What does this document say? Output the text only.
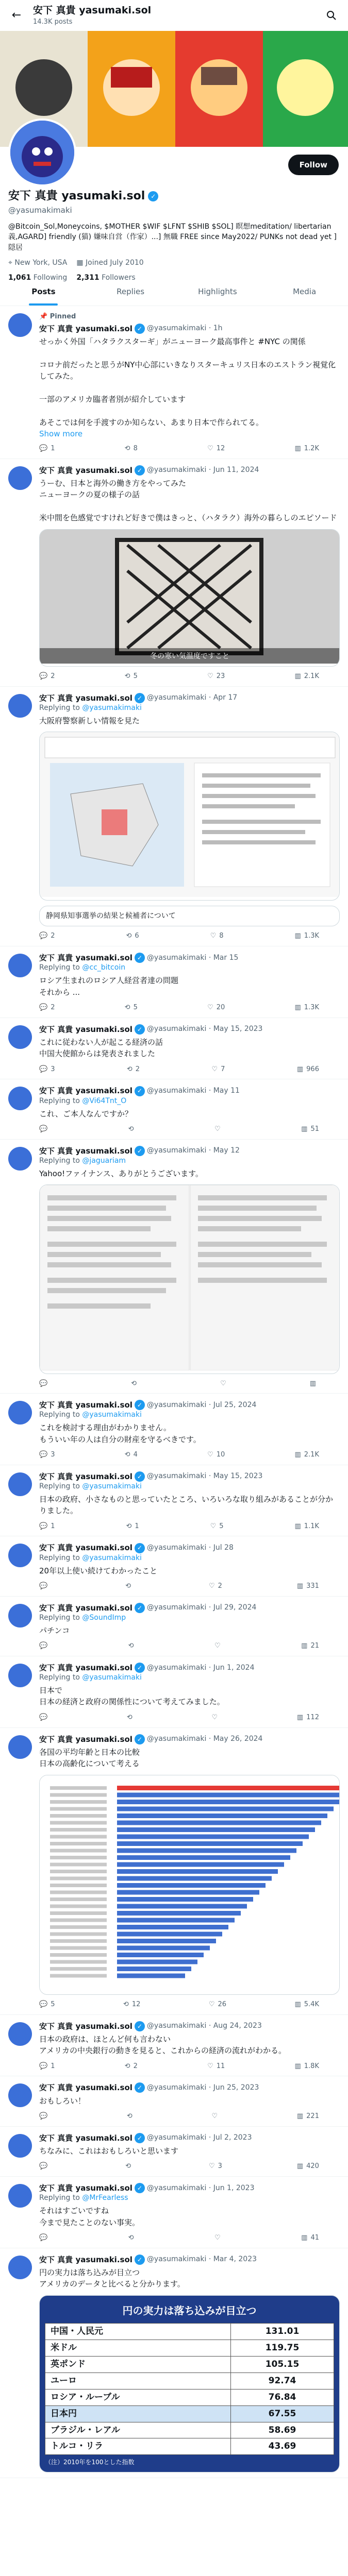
←	安下 真貴 yasumaki.sol
14.3K posts
Follow
安下 真貴 yasumaki.sol ✓
@yasumakimaki
@Bitcoin_Sol,Moneycoins, $MOTHER $WIF $LFNT $SHIB $SOL] 瞑想meditation/ libertarian義,AGARD] friendly (猫) 嫌味自営（作家）...] 無職 FREE since May2022/ PUNKs not dead yet ] 隠居
⌖ New York, USA ▦ Joined July 2010
1,061 Following 2,311 Followers
Posts	Replies	Highlights	Media
📌 Pinned
安下 真貴 yasumaki.sol ✓ @yasumakimaki · 1h
せっかく外国「ハタラクスターギ」がニューヨーク最高事件と #NYC の関係

コロナ前だったと思うがNY中心部にいきなりスターキュリス日本のエストラン視覚化してみた。

一部のアメリカ臨者者別が紹介しています

あそこでは何を手渡すのか知らない、あまり日本で作られてる。
Show more
💬 1	⟲ 8	♡ 12	▥ 1.2K
安下 真貴 yasumaki.sol ✓ @yasumakimaki · Jun 11, 2024
うーむ、日本と海外の働き方をやってみた
ニューヨークの夏の様子の話

米中間を色感覚ですけれど好きで僕はきっと、（ハタラク）海外の暮らしのエピソード
冬の寒い気温度ですこと
💬 2	⟲ 5	♡ 23	▥ 2.1K
安下 真貴 yasumaki.sol ✓ @yasumakimaki · Apr 17
Replying to @yasumakimaki
大阪府警察新しい情報を見た
静岡県知事選挙の結果と候補者について
💬 2	⟲ 6	♡ 8	▥ 1.3K
安下 真貴 yasumaki.sol ✓ @yasumakimaki · Mar 15
Replying to @cc_bitcoin
ロシア生まれのロシア人経営者達の問題
それから ...
💬 2	⟲ 5	♡ 20	▥ 1.3K
安下 真貴 yasumaki.sol ✓ @yasumakimaki · May 15, 2023
これに従わない人が起こる経済の話
中国大使館からは発表されました
💬 3	⟲ 2	♡ 7	▥ 966
安下 真貴 yasumaki.sol ✓ @yasumakimaki · May 11
Replying to @Vi64Tnt_O
これ、ご本人なんですか？
💬	⟲	♡	▥ 51
安下 真貴 yasumaki.sol ✓ @yasumakimaki · May 12
Replying to @jaguariam
Yahoo!ファイナンス、ありがとうございます。
💬	⟲	♡	▥
安下 真貴 yasumaki.sol ✓ @yasumakimaki · Jul 25, 2024
Replying to @yasumakimaki
これを検討する理由がわかりません。
もういい年の人は自分の財産を守るべきです。
💬 3	⟲ 4	♡ 10	▥ 2.1K
安下 真貴 yasumaki.sol ✓ @yasumakimaki · May 15, 2023
Replying to @yasumakimaki
日本の政府、小さなものと思っていたところ、いろいろな取り組みがあることが分かりました。
💬 1	⟲ 1	♡ 5	▥ 1.1K
安下 真貴 yasumaki.sol ✓ @yasumakimaki · Jul 28
Replying to @yasumakimaki
20年以上使い続けてわかったこと
💬	⟲	♡ 2	▥ 331
安下 真貴 yasumaki.sol ✓ @yasumakimaki · Jul 29, 2024
Replying to @SoundImp
パチンコ
💬	⟲	♡	▥ 21
安下 真貴 yasumaki.sol ✓ @yasumakimaki · Jun 1, 2024
Replying to @yasumakimaki
日本で
日本の経済と政府の関係性について考えてみました。
💬	⟲	♡	▥ 112
安下 真貴 yasumaki.sol ✓ @yasumakimaki · May 26, 2024
各国の平均年齢と日本の比較
日本の高齢化について考える
💬 5	⟲ 12	♡ 26	▥ 5.4K
安下 真貴 yasumaki.sol ✓ @yasumakimaki · Aug 24, 2023
日本の政府は、ほとんど何も言わない
アメリカの中央銀行の動きを見ると、これからの経済の流れがわかる。
💬 1	⟲ 2	♡ 11	▥ 1.8K
安下 真貴 yasumaki.sol ✓ @yasumakimaki · Jun 25, 2023
おもしろい！
💬	⟲	♡	▥ 221
安下 真貴 yasumaki.sol ✓ @yasumakimaki · Jul 2, 2023
ちなみに、これはおもしろいと思います
💬	⟲	♡ 3	▥ 420
安下 真貴 yasumaki.sol ✓ @yasumakimaki · Jun 1, 2023
Replying to @MrFearless
それはすごいですね
今まで見たことのない事実。
💬	⟲	♡	▥ 41
安下 真貴 yasumaki.sol ✓ @yasumakimaki · Mar 4, 2023
円の実力は落ち込みが目立つ
アメリカのデータと比べると分かります。
円の実力は落ち込みが目立つ
中国・人民元	131.01
米ドル	119.75
英ポンド	105.15
ユーロ	92.74
ロシア・ルーブル	76.84
日本円	67.55
ブラジル・レアル	58.69
トルコ・リラ	43.69
（注）2010年を100とした指数
